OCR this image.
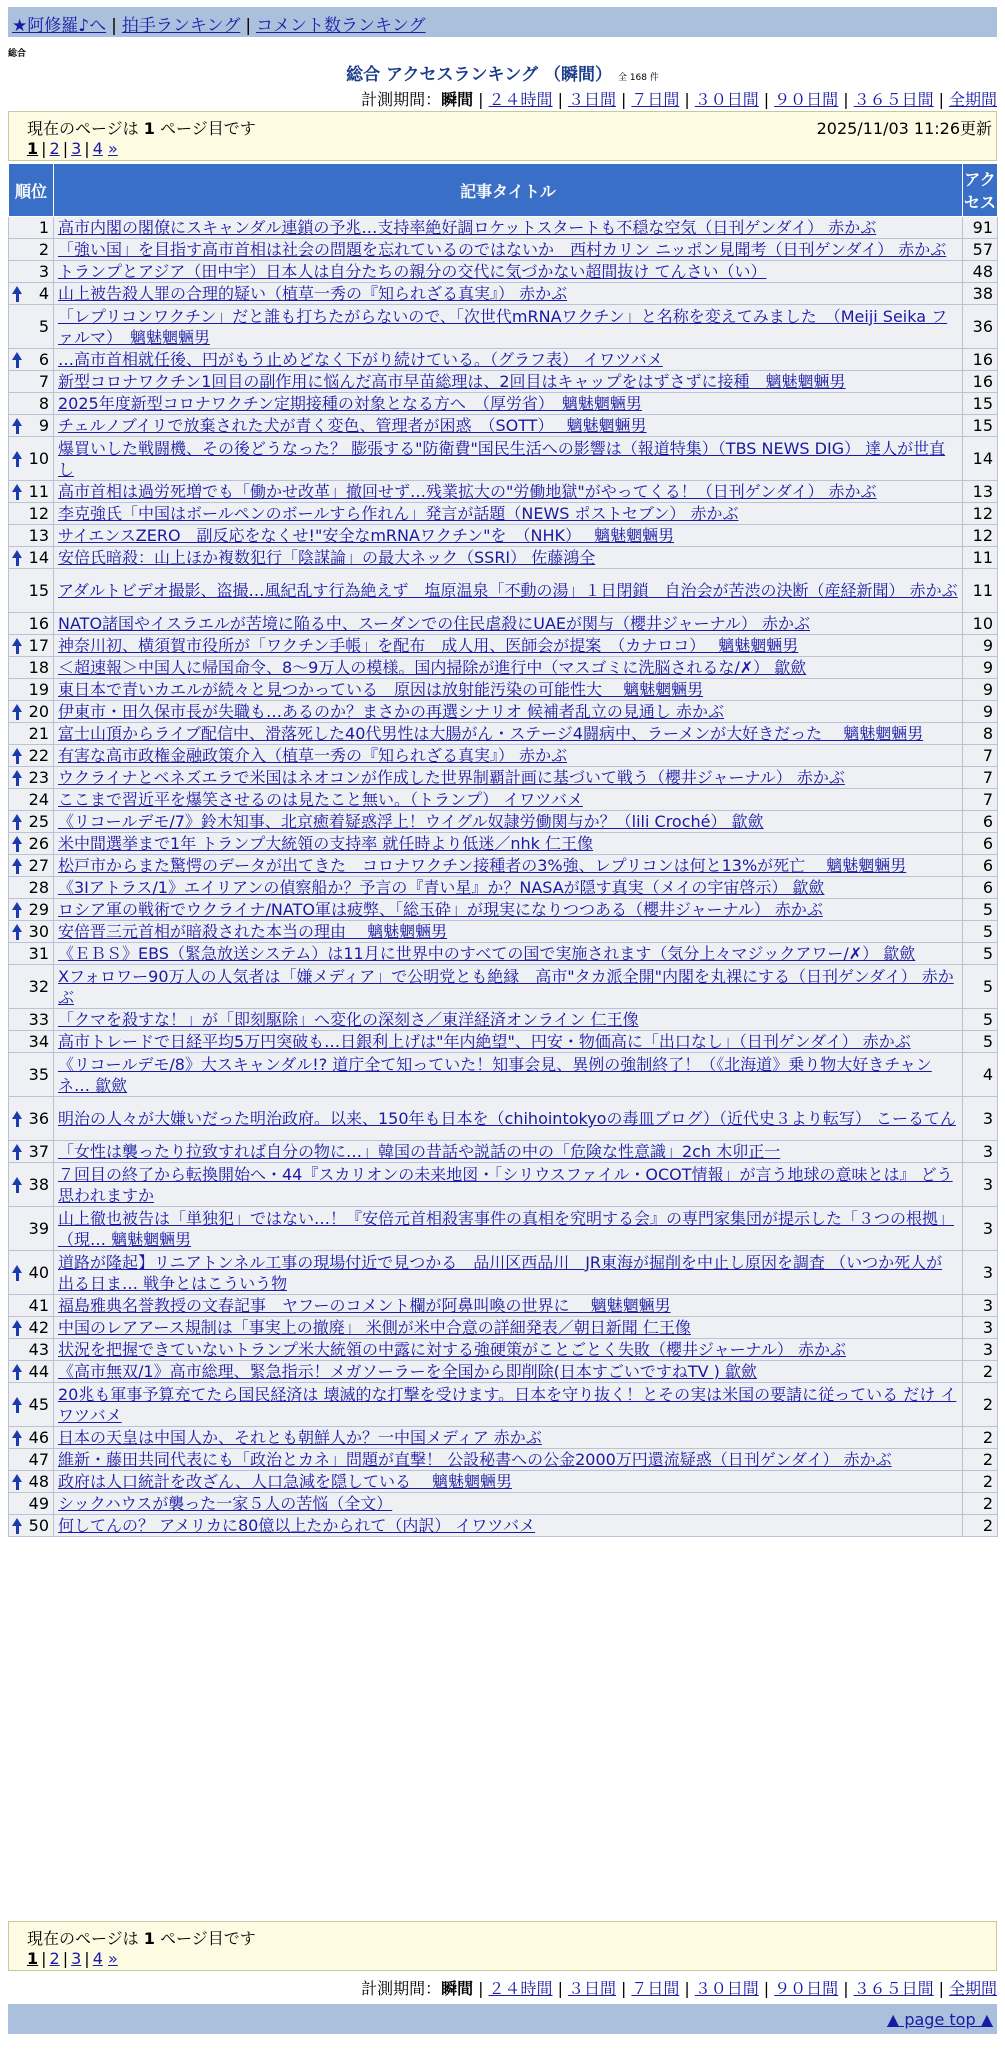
★阿修羅♪へ | 拍手ランキング | コメント数ランキング
総合
総合 アクセスランキング （瞬間） 全 168 件
計測期間：瞬間 | ２４時間 | ３日間 | ７日間 | ３０日間 | ９０日間 | ３６５日間 | 全期間
現在のページは 1 ページ目です	2025/11/03 11:26更新
1 | 2 | 3 | 4 »
順位	記事タイトル	アクセス
1	高市内閣の閣僚にスキャンダル連鎖の予兆…支持率絶好調ロケットスタートも不穏な空気（日刊ゲンダイ） 赤かぶ	91
2	「強い国」を目指す高市首相は社会の問題を忘れているのではないか　西村カリン ニッポン見聞考（日刊ゲンダイ） 赤かぶ	57
3	トランプとアジア（田中宇）日本人は自分たちの親分の交代に気づかない超間抜け てんさい（い）	48

4	山上被告殺人罪の合理的疑い（植草一秀の『知られざる真実』） 赤かぶ	38
5	「レプリコンワクチン」だと誰も打ちたがらないので、「次世代mRNAワクチン」と名称を変えてみました　（Meiji Seika ファルマ）　魑魅魍魎男	36

6	…高市首相就任後、円がもう止めどなく下がり続けている。（グラフ表） イワツバメ	16
7	新型コロナワクチン1回目の副作用に悩んだ高市早苗総理は、2回目はキャップをはずさずに接種　魑魅魍魎男	16
8	2025年度新型コロナワクチン定期接種の対象となる方へ　（厚労省）　魑魅魍魎男	15

9	チェルノブイリで放棄された犬が青く変色、管理者が困惑　（SOTT）　 魑魅魍魎男	15

10	爆買いした戦闘機、その後どうなった？ 膨張する"防衛費"国民生活への影響は（報道特集）（TBS NEWS DIG） 達人が世直し	14

11	高市首相は過労死増でも「働かせ改革」撤回せず…残業拡大の"労働地獄"がやってくる！（日刊ゲンダイ） 赤かぶ	13
12	李克強氏「中国はボールペンのボールすら作れん」発言が話題（NEWS ポストセブン） 赤かぶ	12
13	サイエンスZERO　副反応をなくせ!"安全なmRNAワクチン"を　（NHK）　 魑魅魍魎男	12

14	安倍氏暗殺：山上ほか複数犯行「陰謀論」の最大ネック（SSRI） 佐藤鴻全	11
15	アダルトビデオ撮影、盗撮…風紀乱す行為絶えず　塩原温泉「不動の湯」１日閉鎖　自治会が苦渋の決断（産経新聞） 赤かぶ	11
16	NATO諸国やイスラエルが苦境に陥る中、スーダンでの住民虐殺にUAEが関与（櫻井ジャーナル） 赤かぶ	10

17	神奈川初、横須賀市役所が「ワクチン手帳」を配布　成人用、医師会が提案　（カナロコ）　 魑魅魍魎男	9
18	＜超速報＞中国人に帰国命令、8～9万人の模様。国内掃除が進行中（マスゴミに洗脳されるな/✗） 歙歛	9
19	東日本で青いカエルが続々と見つかっている　原因は放射能汚染の可能性大　 魑魅魍魎男	9

20	伊東市・田久保市長が失職も…あるのか？まさかの再選シナリオ 候補者乱立の見通し 赤かぶ	9
21	富士山頂からライブ配信中、滑落死した40代男性は大腸がん・ステージ4闘病中、ラーメンが大好きだった　 魑魅魍魎男	8

22	有害な高市政権金融政策介入（植草一秀の『知られざる真実』） 赤かぶ	7

23	ウクライナとベネズエラで米国はネオコンが作成した世界制覇計画に基づいて戦う（櫻井ジャーナル） 赤かぶ	7
24	ここまで習近平を爆笑させるのは見たこと無い。（トランプ） イワツバメ	7

25	《リコールデモ/7》鈴木知事、北京癒着疑惑浮上！ウイグル奴隷労働関与か？（lili Croché） 歙歛	6

26	米中間選挙まで1年 トランプ大統領の支持率 就任時より低迷／nhk 仁王像	6

27	松戸市からまた驚愕のデータが出てきた　コロナワクチン接種者の3%強、レプリコンは何と13%が死亡　 魑魅魍魎男	6
28	《3Iアトラス/1》エイリアンの偵察船か？予言の『青い星』か？NASAが隠す真実（メイの宇宙啓示） 歙歛	6

29	ロシア軍の戦術でウクライナ/NATO軍は疲弊、「総玉砕」が現実になりつつある（櫻井ジャーナル） 赤かぶ	5

30	安倍晋三元首相が暗殺された本当の理由　 魑魅魍魎男	5
31	《ＥＢＳ》EBS（緊急放送システム）は11月に世界中のすべての国で実施されます（気分上々マジックアワー/✗） 歙歛	5
32	Xフォロワー90万人の人気者は「嫌メディア」で公明党とも絶縁　高市"タカ派全開"内閣を丸裸にする（日刊ゲンダイ） 赤かぶ	5
33	「クマを殺すな！」が「即刻駆除」へ変化の深刻さ／東洋経済オンライン 仁王像	5
34	高市トレードで日経平均5万円突破も…日銀利上げは"年内絶望"、円安・物価高に「出口なし」（日刊ゲンダイ） 赤かぶ	5
35	《リコールデモ/8》大スキャンダル!? 道庁全て知っていた！知事会見、異例の強制終了！（《北海道》乗り物大好きチャンネ… 歙歛	4

36	明治の人々が大嫌いだった明治政府。以来、150年も日本を（chihointokyoの毒皿ブログ）（近代史３より転写） こーるてん	3

37	「女性は襲ったり拉致すれば自分の物に…」韓国の昔話や説話の中の「危険な性意識」2ch 木卯正一	3

38	７回目の終了から転換開始へ・44『スカリオンの未来地図・「シリウスファイル・OCOT情報」が言う地球の意味とは』 どう思われますか	3
39	山上徹也被告は「単独犯」ではない…！『安倍元首相殺害事件の真相を究明する会』の専門家集団が提示した「３つの根拠」（現… 魑魅魍魎男	3

40	道路が隆起】リニアトンネル工事の現場付近で見つかる　品川区西品川　JR東海が掘削を中止し原因を調査 （いつか死人が出る日ま… 戦争とはこういう物	3
41	福島雅典名誉教授の文春記事　ヤフーのコメント欄が阿鼻叫喚の世界に　 魑魅魍魎男	3

42	中国のレアアース規制は「事実上の撤廃」 米側が米中合意の詳細発表／朝日新聞 仁王像	3
43	状況を把握できていないトランプ米大統領の中露に対する強硬策がことごとく失敗（櫻井ジャーナル） 赤かぶ	3

44	《高市無双/1》高市総理、緊急指示！メガソーラーを全国から即削除(日本すごいですねTV ) 歙歛	2

45	20兆も軍事予算充てたら国民経済は 壊滅的な打撃を受けます。日本を守り抜く！とその実は米国の要請に従っている だけ イワツバメ	2

46	日本の天皇は中国人か、それとも朝鮮人か？一中国メディア 赤かぶ	2
47	維新・藤田共同代表にも「政治とカネ」問題が直撃！ 公設秘書への公金2000万円還流疑惑（日刊ゲンダイ） 赤かぶ	2

48	政府は人口統計を改ざん、人口急減を隠している　 魑魅魍魎男	2
49	シックハウスが襲った一家５人の苦悩（全文）	2

50	何してんの？ アメリカに80億以上たかられて（内訳） イワツバメ	2
現在のページは 1 ページ目です
1 | 2 | 3 | 4 »
計測期間：瞬間 | ２４時間 | ３日間 | ７日間 | ３０日間 | ９０日間 | ３６５日間 | 全期間
▲ page top ▲
